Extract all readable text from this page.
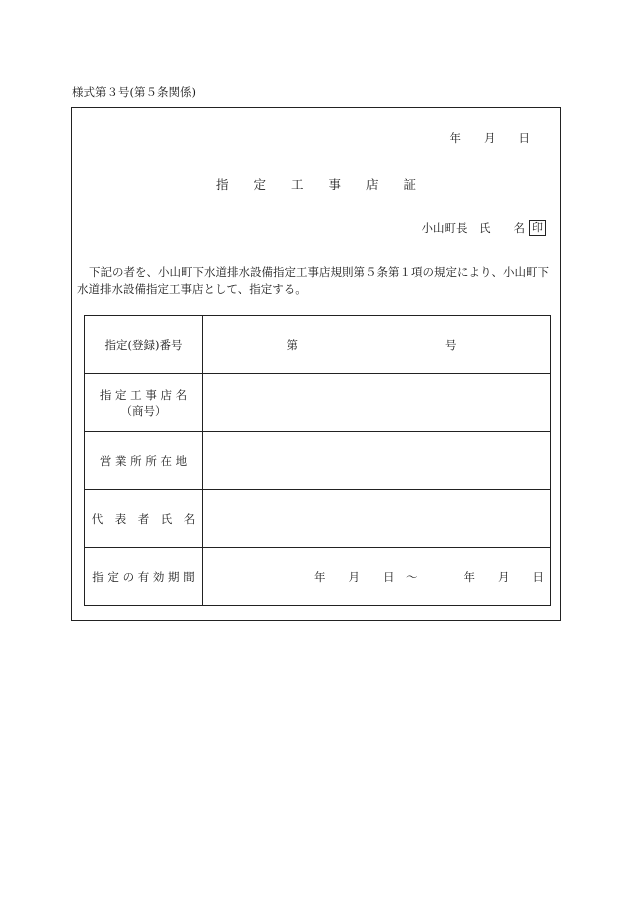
様式第３号(第５条関係)
年　　月　　日
指　　定　　工　　事　　店　　証
小山町長　氏　　名 印
下記の者を、小山町下水道排水設備指定工事店規則第５条第１項の規定により、小山町下水道排水設備指定工事店として、指定する。
指定(登録)番号	第 号

指 定 工 事 店 名
（商号）	

営 業 所 所 在 地	
代　表　者　氏　名	
指 定 の 有 効 期 間	年　　月　　日　～　　　　年　　月　　日
